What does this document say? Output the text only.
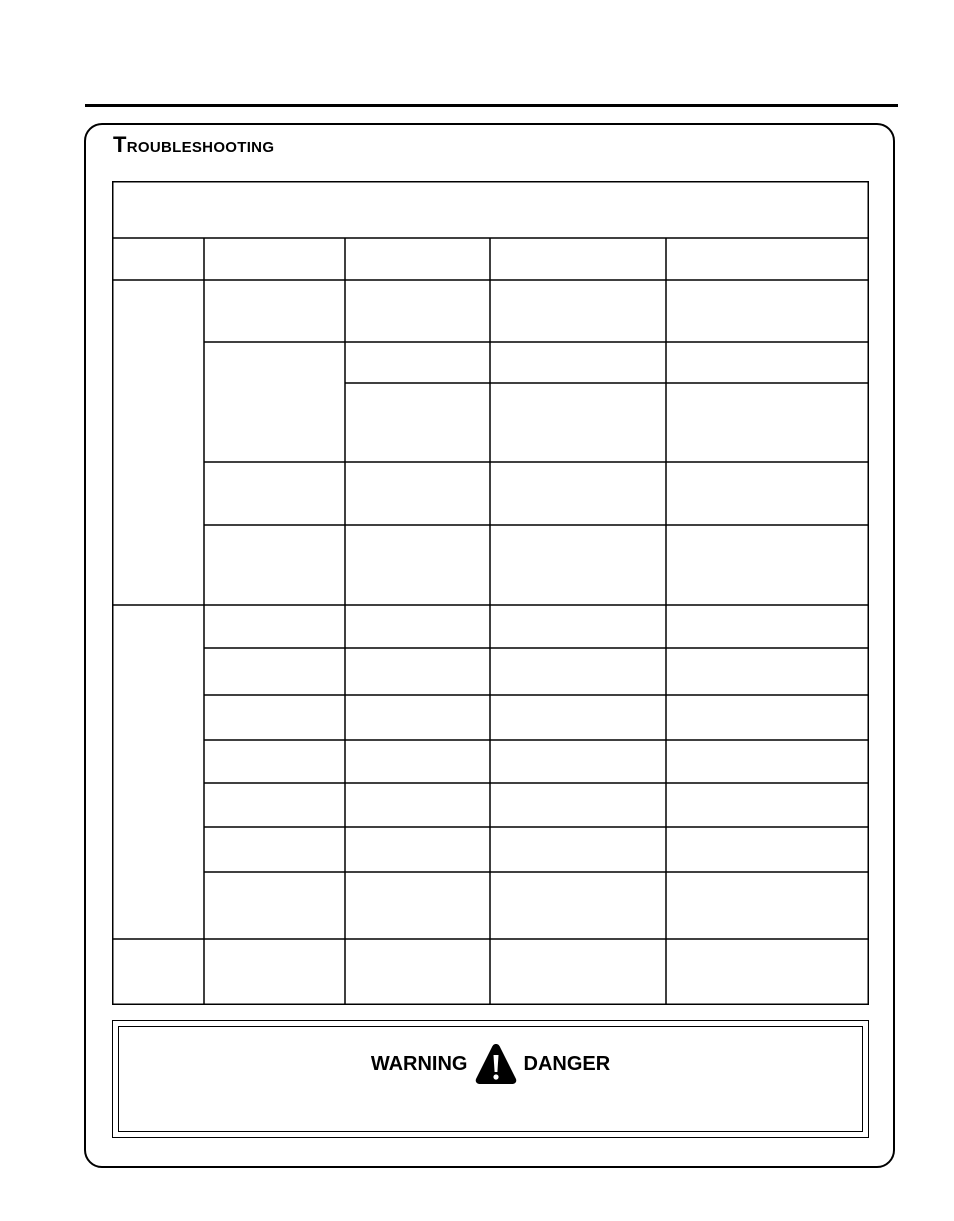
TROUBLESHOOTING
WARNING	DANGER
